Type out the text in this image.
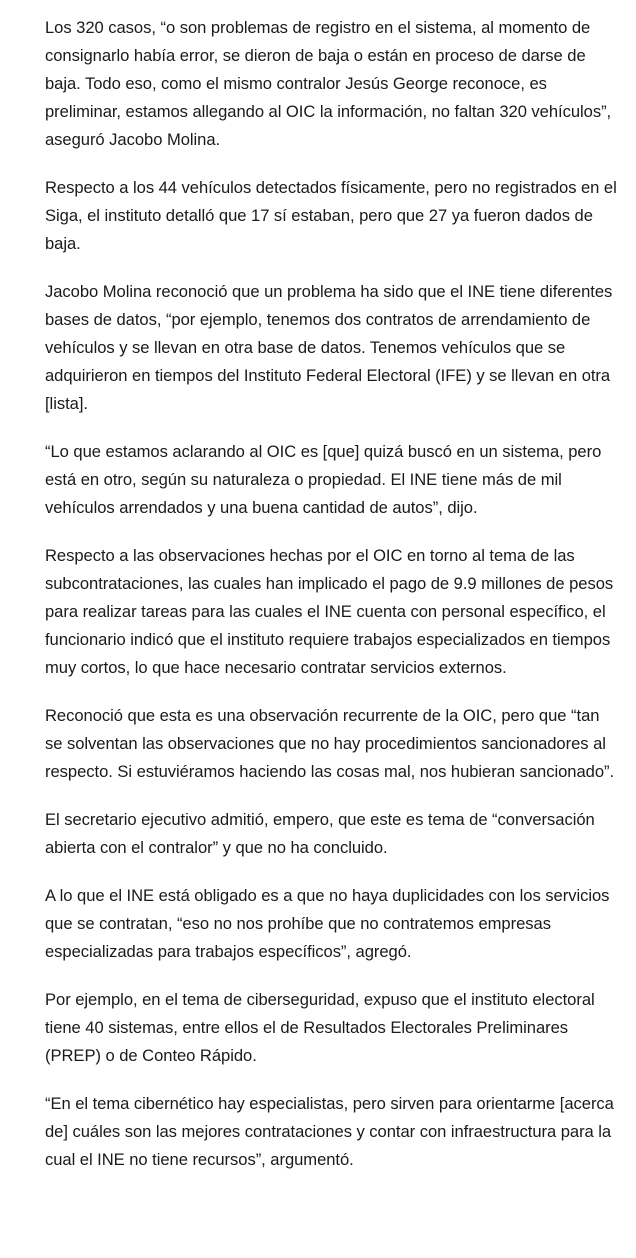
Los 320 casos, “o son problemas de registro en el sistema, al momento de consignarlo había error, se dieron de baja o están en proceso de darse de baja. Todo eso, como el mismo contralor Jesús George reconoce, es preliminar, estamos allegando al OIC la información, no faltan 320 vehículos”, aseguró Jacobo Molina.

Respecto a los 44 vehículos detectados físicamente, pero no registrados en el Siga, el instituto detalló que 17 sí estaban, pero que 27 ya fueron dados de baja.

Jacobo Molina reconoció que un problema ha sido que el INE tiene diferentes bases de datos, “por ejemplo, tenemos dos contratos de arrendamiento de vehículos y se llevan en otra base de datos. Tenemos vehículos que se adquirieron en tiempos del Instituto Federal Electoral (IFE) y se llevan en otra [lista].

“Lo que estamos aclarando al OIC es [que] quizá buscó en un sistema, pero está en otro, según su naturaleza o propiedad. El INE tiene más de mil vehículos arrendados y una buena cantidad de autos”, dijo.

Respecto a las observaciones hechas por el OIC en torno al tema de las subcontrataciones, las cuales han implicado el pago de 9.9 millones de pesos para realizar tareas para las cuales el INE cuenta con personal específico, el funcionario indicó que el instituto requiere trabajos especializados en tiempos muy cortos, lo que hace necesario contratar servicios externos.

Reconoció que esta es una observación recurrente de la OIC, pero que “tan se solventan las observaciones que no hay procedimientos sancionadores al respecto. Si estuviéramos haciendo las cosas mal, nos hubieran sancionado”.

El secretario ejecutivo admitió, empero, que este es tema de “conversación abierta con el contralor” y que no ha concluido.

A lo que el INE está obligado es a que no haya duplicidades con los servicios que se contratan, “eso no nos prohíbe que no contratemos empresas especializadas para trabajos específicos”, agregó.

Por ejemplo, en el tema de ciberseguridad, expuso que el instituto electoral tiene 40 sistemas, entre ellos el de Resultados Electorales Preliminares (PREP) o de Conteo Rápido.

“En el tema cibernético hay especialistas, pero sirven para orientarme [acerca de] cuáles son las mejores contrataciones y contar con infraestructura para la cual el INE no tiene recursos”, argumentó.
